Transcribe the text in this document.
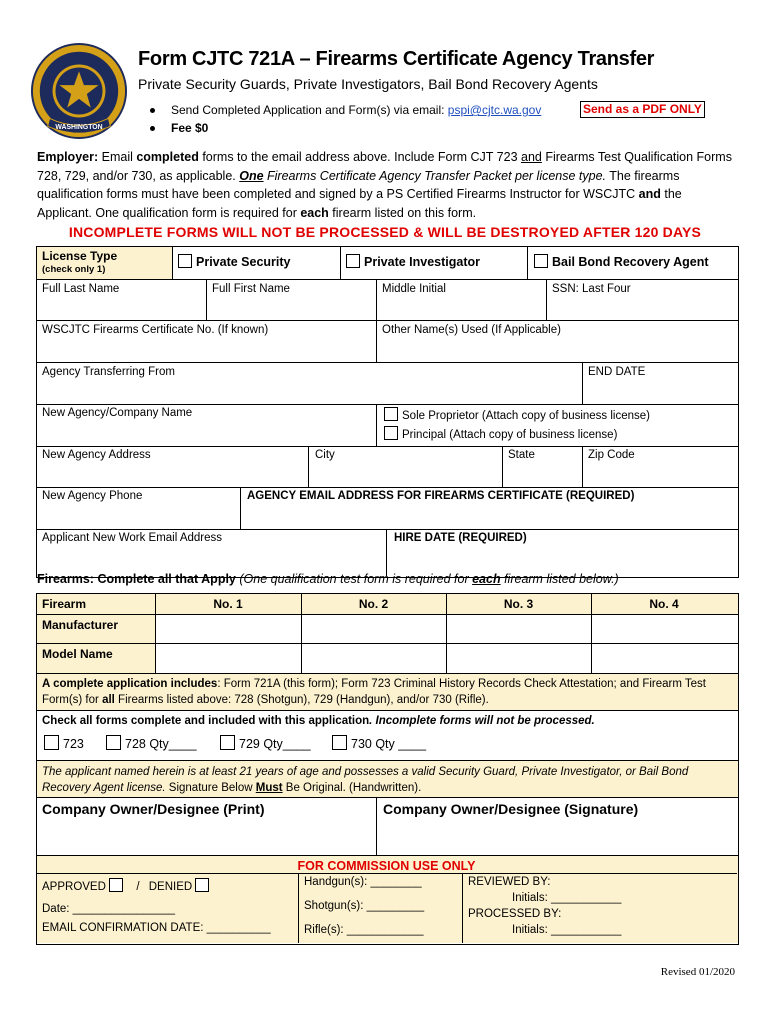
WASHINGTON
Form CJTC 721A – Firearms Certificate Agency Transfer
Private Security Guards, Private Investigators, Bail Bond Recovery Agents
Send Completed Application and Form(s) via email: pspi@cjtc.wa.gov
Fee $0
Send as a PDF ONLY
Employer: Email completed forms to the email address above. Include Form CJT 723 and Firearms Test Qualification Forms 728, 729, and/or 730, as applicable. One Firearms Certificate Agency Transfer Packet per license type. The firearms qualification forms must have been completed and signed by a PS Certified Firearms Instructor for WSCJTC and the Applicant. One qualification form is required for each firearm listed on this form.
INCOMPLETE FORMS WILL NOT BE PROCESSED & WILL BE DESTROYED AFTER 120 DAYS
License Type
(check only 1)
Private Security	Private Investigator	Bail Bond Recovery Agent
Full Last Name	Full First Name	Middle Initial	SSN: Last Four
WSCJTC Firearms Certificate No. (If known)	Other Name(s) Used (If Applicable)
Agency Transferring From	END DATE
New Agency/Company Name	Sole Proprietor (Attach copy of business license)
Principal (Attach copy of business license)
New Agency Address	City	State	Zip Code
New Agency Phone	AGENCY EMAIL ADDRESS FOR FIREARMS CERTIFICATE (REQUIRED)
Applicant New Work Email Address	HIRE DATE (REQUIRED)
Firearms: Complete all that Apply (One qualification test form is required for each firearm listed below.)
Firearm	No. 1	No. 2	No. 3	No. 4
Manufacturer
Model Name
A complete application includes: Form 721A (this form); Form 723 Criminal History Records Check Attestation; and Firearm Test Form(s) for all Firearms listed above: 728 (Shotgun), 729 (Handgun), and/or 730 (Rifle).
Check all forms complete and included with this application. Incomplete forms will not be processed.
723	728 Qty____	729 Qty____	730 Qty ____
The applicant named herein is at least 21 years of age and possesses a valid Security Guard, Private Investigator, or Bail Bond Recovery Agent license. Signature Below Must Be Original. (Handwritten).
Company Owner/Designee (Print)	Company Owner/Designee (Signature)
FOR COMMISSION USE ONLY
APPROVED	/ DENIED
Date: ________________
EMAIL CONFIRMATION DATE: __________
Handgun(s): ________
Shotgun(s): _________
Rifle(s): ____________
REVIEWED BY:
Initials: ___________
PROCESSED BY:
Initials: ___________
Revised 01/2020
